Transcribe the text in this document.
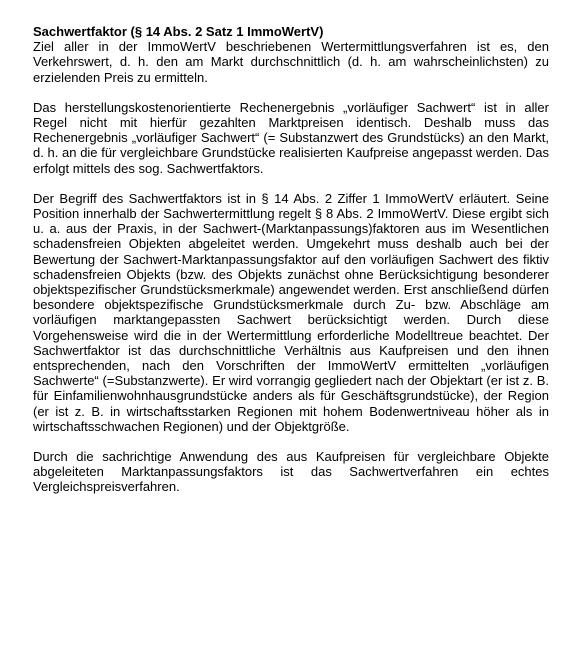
Sachwertfaktor (§ 14 Abs. 2 Satz 1 ImmoWertV)

Ziel aller in der ImmoWertV beschriebenen Wertermittlungsverfahren ist es, den Verkehrswert, d. h. den am Markt durchschnittlich (d. h. am wahrscheinlichsten) zu erzielenden Preis zu ermitteln.

Das herstellungskostenorientierte Rechenergebnis „vorläufiger Sachwert“ ist in aller Regel nicht mit hierfür gezahlten Marktpreisen identisch. Deshalb muss das Rechenergebnis „vorläufiger Sachwert“ (= Substanzwert des Grundstücks) an den Markt, d. h. an die für vergleichbare Grundstücke realisierten Kaufpreise angepasst werden. Das erfolgt mittels des sog. Sachwertfaktors.

Der Begriff des Sachwertfaktors ist in § 14 Abs. 2 Ziffer 1 ImmoWertV erläutert. Seine Position innerhalb der Sachwertermittlung regelt § 8 Abs. 2 ImmoWertV. Diese ergibt sich u. a. aus der Praxis, in der Sachwert-(Marktanpassungs)faktoren aus im Wesentlichen schadensfreien Objekten abgeleitet werden. Umgekehrt muss deshalb auch bei der Bewertung der Sachwert-Marktanpassungsfaktor auf den vorläufigen Sachwert des fiktiv schadensfreien Objekts (bzw. des Objekts zunächst ohne Berücksichtigung besonderer objektspezifischer Grundstücksmerkmale) angewendet werden. Erst anschließend dürfen besondere objektspezifische Grundstücksmerkmale durch Zu- bzw. Abschläge am vorläufigen marktangepassten Sachwert berücksichtigt werden. Durch diese Vorgehensweise wird die in der Wertermittlung erforderliche Modelltreue beachtet. Der Sachwertfaktor ist das durchschnittliche Verhältnis aus Kaufpreisen und den ihnen entsprechenden, nach den Vorschriften der ImmoWertV ermittelten „vorläufigen Sachwerte“ (=Substanzwerte). Er wird vorrangig gegliedert nach der Objektart (er ist z. B. für Einfamilienwohnhausgrundstücke anders als für Geschäftsgrundstücke), der Region (er ist z. B. in wirtschaftsstarken Regionen mit hohem Bodenwertniveau höher als in wirtschaftsschwachen Regionen) und der Objektgröße.

Durch die sachrichtige Anwendung des aus Kaufpreisen für vergleichbare Objekte abgeleiteten Marktanpassungsfaktors ist das Sachwertverfahren ein echtes Vergleichspreisverfahren.
